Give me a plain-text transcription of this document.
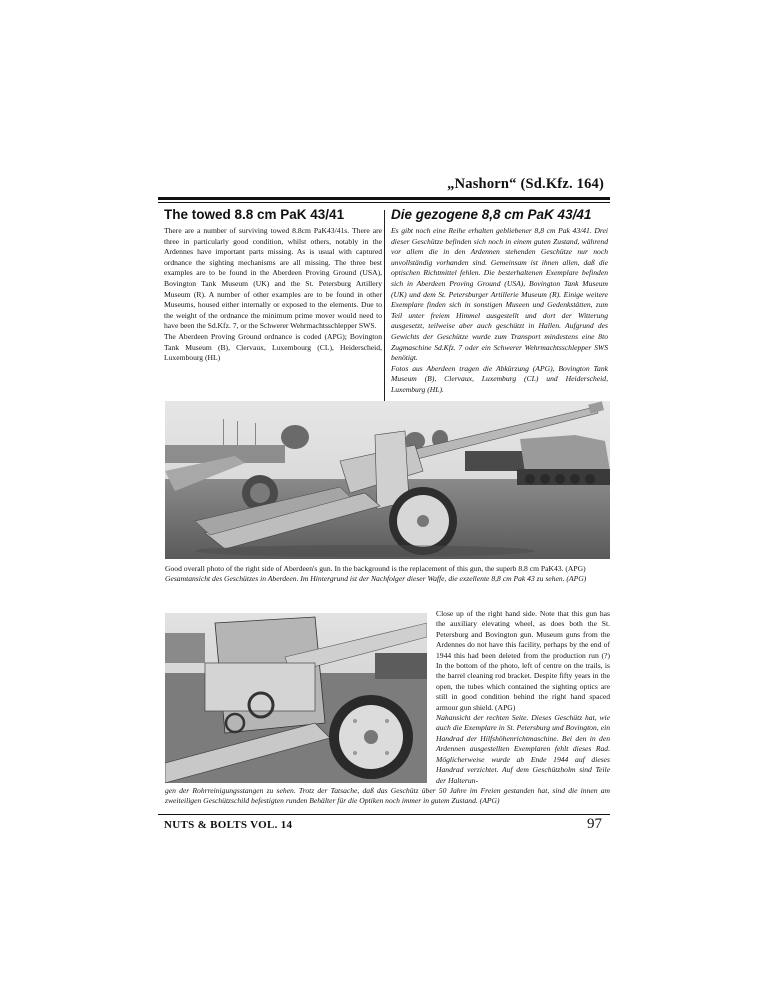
„Nashorn“ (Sd.Kfz. 164)
The towed 8.8 cm PaK 43/41

There are a number of surviving towed 8.8cm PaK43/41s. There are three in particularly good condition, whilst others, notably in the Ardennes have important parts missing. As is usual with captured ordnance the sighting mechanisms are all missing. The three best examples are to be found in the Aberdeen Proving Ground (USA), Bovington Tank Museum (UK) and the St. Petersburg Artillery Museum (R). A number of other examples are to be found in other Museums, housed either internally or exposed to the elements. Due to the weight of the ordnance the minimum prime mover would need to have been the Sd.Kfz. 7, or the Schwerer Wehrmachtsschlepper SWS.

The Aberdeen Proving Ground ordnance is coded (APG); Bovington Tank Museum (B), Clervaux, Luxembourg (CL), Heiderscheid, Luxembourg (HL)

Die gezogene 8,8 cm PaK 43/41

Es gibt noch eine Reihe erhalten gebliebener 8,8 cm Pak 43/41. Drei dieser Geschütze befinden sich noch in einem guten Zustand, während vor allem die in den Ardennen stehenden Geschütze nur noch unvollständig vorhanden sind. Gemeinsam ist ihnen allen, daß die optischen Richtmittel fehlen. Die besterhaltenen Exemplare befinden sich in Aberdeen Proving Ground (USA), Bovington Tank Museum (UK) und dem St. Petersburger Artillerie Museum (R). Einige weitere Exemplare finden sich in sonstigen Museen und Gedenkstätten, zum Teil unter freiem Himmel ausgestellt und dort der Witterung ausgesetzt, teilweise aber auch geschützt in Hallen. Aufgrund des Gewichts der Geschütze wurde zum Transport mindestens eine 8to Zugmaschine Sd.Kfz. 7 oder ein Schwerer Wehrmachtsschlepper SWS benötigt.

Fotos aus Aberdeen tragen die Abkürzung (APG), Bovington Tank Museum (B), Clervaux, Luxemburg (CL) und Heiderscheid, Luxemburg (HL).

Good overall photo of the right side of Aberdeen's gun. In the background is the replacement of this gun, the superb 8.8 cm PaK43. (APG)
Gesamtansicht des Geschützes in Aberdeen. Im Hintergrund ist der Nachfolger dieser Waffe, die exzellente 8,8 cm Pak 43 zu sehen. (APG)
Close up of the right hand side. Note that this gun has the auxiliary elevating wheel, as does both the St. Petersburg and Bovington gun. Museum guns from the Ardennes do not have this facility, perhaps by the end of 1944 this had been deleted from the production run (?) In the bottom of the photo, left of centre on the trails, is the barrel cleaning rod bracket. Despite fifty years in the open, the tubes which contained the sighting optics are still in good condition behind the right hand spaced armour gun shield. (APG)
Nahansicht der rechten Seite. Dieses Geschütz hat, wie auch die Exemplare in St. Petersburg und Bovington, ein Handrad der Hilfshöhenrichtmaschine. Bei den in den Ardennen ausgestellten Exemplaren fehlt dieses Rad. Möglicherweise wurde ab Ende 1944 auf dieses Handrad verzichtet. Auf dem Geschützholm sind Teile der Halterun-
gen der Rohrreinigungsstangen zu sehen. Trotz der Tatsache, daß das Geschütz über 50 Jahre im Freien gestanden hat, sind die innen am zweiteiligen Geschützschild befestigten runden Behälter für die Optiken noch immer in gutem Zustand. (APG)
NUTS & BOLTS VOL. 14	97
